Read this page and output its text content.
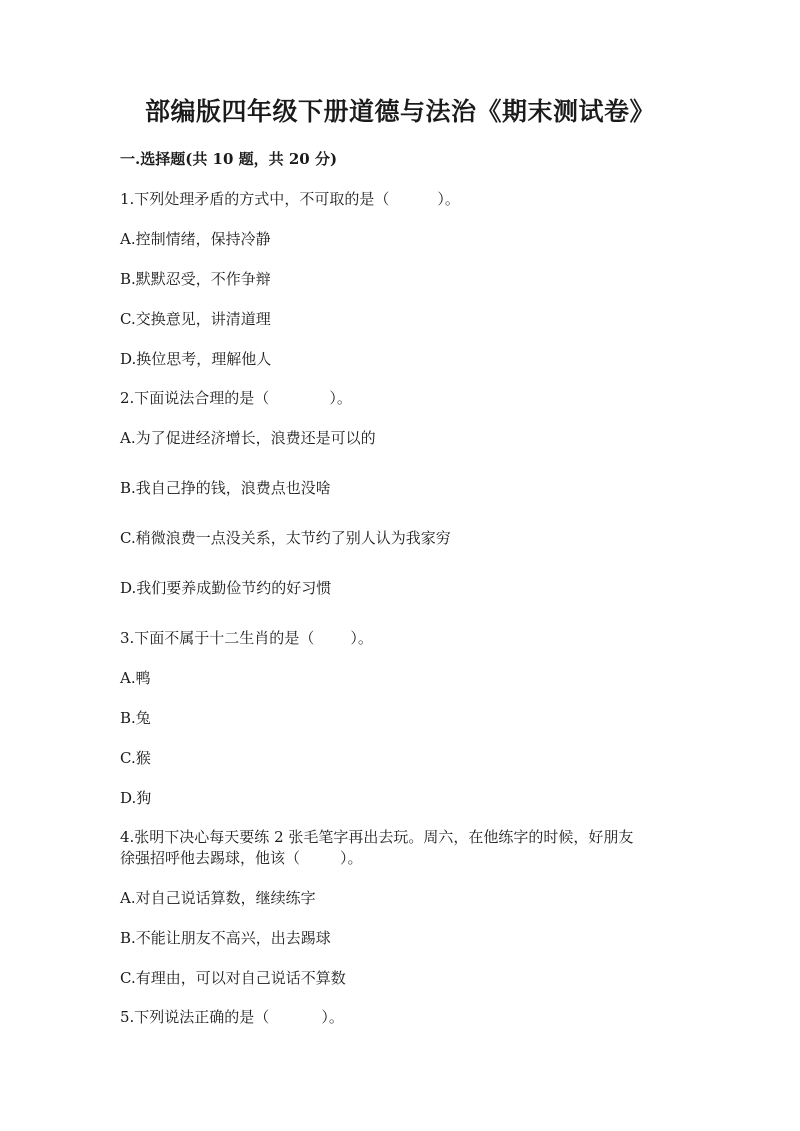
部编版四年级下册道德与法治《期末测试卷》
一.选择题(共 10 题，共 20 分)

1.下列处理矛盾的方式中，不可取的是（	）。

A.控制情绪，保持冷静

B.默默忍受，不作争辩

C.交换意见，讲清道理

D.换位思考，理解他人

2.下面说法合理的是（	）。

A.为了促进经济增长，浪费还是可以的

B.我自己挣的钱，浪费点也没啥

C.稍微浪费一点没关系，太节约了别人认为我家穷

D.我们要养成勤俭节约的好习惯

3.下面不属于十二生肖的是（ ）。

A.鸭

B.兔

C.猴

D.狗

4.张明下决心每天要练 2 张毛笔字再出去玩。周六，在他练字的时候，好朋友

徐强招呼他去踢球，他该（	）。

A.对自己说话算数，继续练字

B.不能让朋友不高兴，出去踢球

C.有理由，可以对自己说话不算数

5.下列说法正确的是（	）。
